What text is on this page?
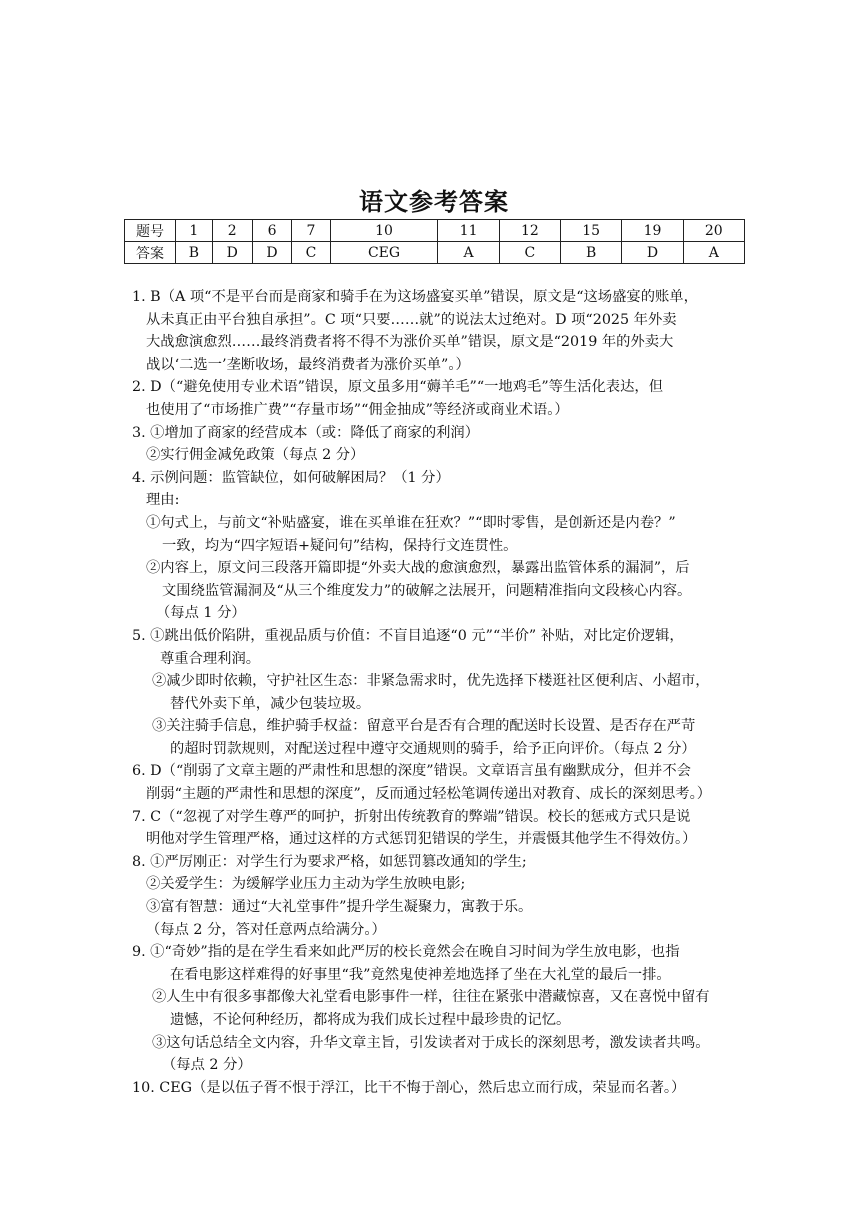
语文参考答案
题号	1	2	6	7	10	11	12	15	19	20
答案	B	D	D	C	CEG	A	C	B	D	A
1. B（A 项“不是平台而是商家和骑手在为这场盛宴买单”错误，原文是“这场盛宴的账单，
从未真正由平台独自承担”。C 项“只要……就”的说法太过绝对。D 项“2025 年外卖
大战愈演愈烈……最终消费者将不得不为涨价买单”错误，原文是“2019 年的外卖大
战以‘二选一’垄断收场，最终消费者为涨价买单”。）
2. D（“避免使用专业术语”错误，原文虽多用“薅羊毛”“一地鸡毛”等生活化表达，但
也使用了“市场推广费”“存量市场”“佣金抽成”等经济或商业术语。）
3. ①增加了商家的经营成本（或：降低了商家的利润）
②实行佣金减免政策（每点 2 分）
4. 示例问题：监管缺位，如何破解困局？（1 分）
理由:
①句式上，与前文“补贴盛宴，谁在买单谁在狂欢？”“即时零售，是创新还是内卷？”
一致，均为“四字短语+疑问句”结构，保持行文连贯性。
②内容上，原文问三段落开篇即提“外卖大战的愈演愈烈，暴露出监管体系的漏洞”，后
文围绕监管漏洞及“从三个维度发力”的破解之法展开，问题精准指向文段核心内容。
（每点 1 分）
5. ①跳出低价陷阱，重视品质与价值：不盲目追逐“0 元”“半价” 补贴，对比定价逻辑，
尊重合理利润。
②减少即时依赖，守护社区生态：非紧急需求时，优先选择下楼逛社区便利店、小超市，
替代外卖下单，减少包装垃圾。
③关注骑手信息，维护骑手权益：留意平台是否有合理的配送时长设置、是否存在严苛
的超时罚款规则，对配送过程中遵守交通规则的骑手，给予正向评价。（每点 2 分）
6. D（“削弱了文章主题的严肃性和思想的深度”错误。文章语言虽有幽默成分，但并不会
削弱“主题的严肃性和思想的深度”，反而通过轻松笔调传递出对教育、成长的深刻思考。）
7. C（“忽视了对学生尊严的呵护，折射出传统教育的弊端”错误。校长的惩戒方式只是说
明他对学生管理严格，通过这样的方式惩罚犯错误的学生，并震慑其他学生不得效仿。）
8. ①严厉刚正：对学生行为要求严格，如惩罚篡改通知的学生;
②关爱学生：为缓解学业压力主动为学生放映电影;
③富有智慧：通过“大礼堂事件”提升学生凝聚力，寓教于乐。
（每点 2 分，答对任意两点给满分。）
9. ①“奇妙”指的是在学生看来如此严厉的校长竟然会在晚自习时间为学生放电影，也指
在看电影这样难得的好事里“我”竟然鬼使神差地选择了坐在大礼堂的最后一排。
②人生中有很多事都像大礼堂看电影事件一样，往往在紧张中潜藏惊喜，又在喜悦中留有
遗憾，不论何种经历，都将成为我们成长过程中最珍贵的记忆。
③这句话总结全文内容，升华文章主旨，引发读者对于成长的深刻思考，激发读者共鸣。
（每点 2 分）
10. CEG（是以伍子胥不恨于浮江，比干不悔于剖心，然后忠立而行成，荣显而名著。）
